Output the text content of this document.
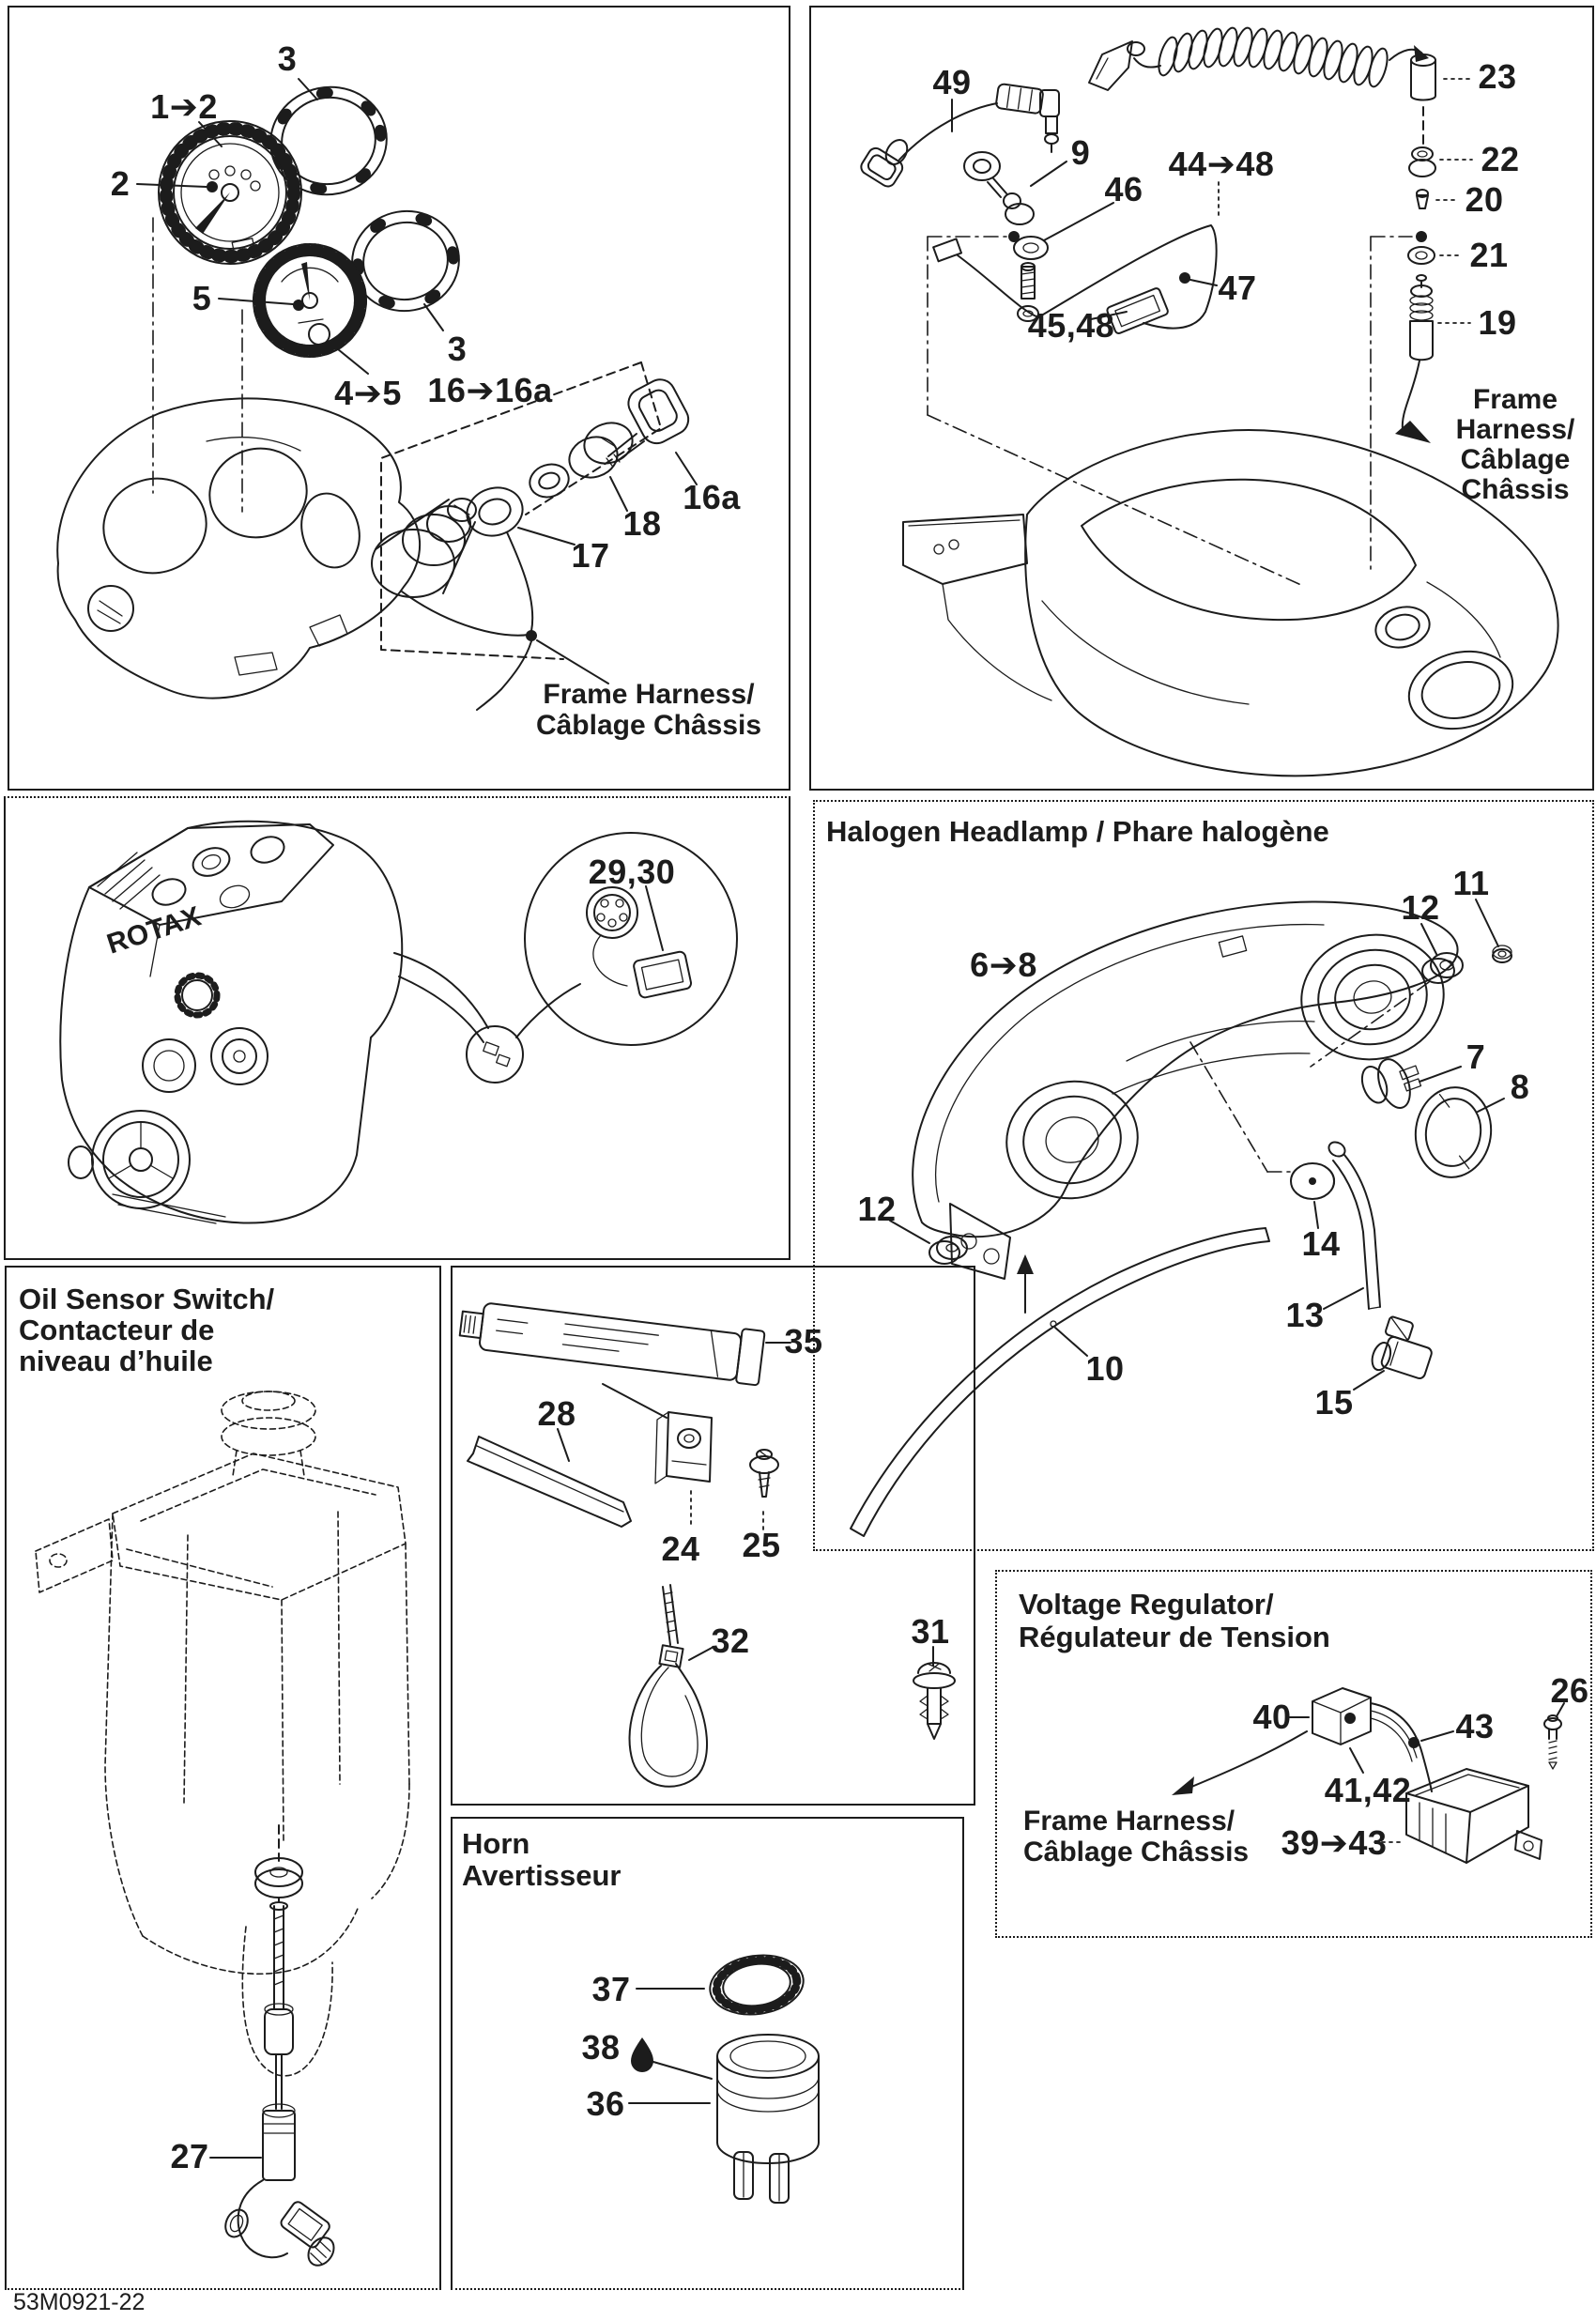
ROTAX
3
1➔2
2
5
3
4➔5 16➔16a
16a
18
17
Frame Harness/
Câblage Châssis
49
9
46
44➔48
47
45,48
23
22
20
21
19
Frame
Harness/
Câblage
Châssis
29,30
Halogen Headlamp / Phare halogène
6➔8
12
11
7
8
12
14
13
10
15
Oil Sensor Switch/
Contacteur de
niveau d’huile
27
35
28
24 25
32	31
Horn
Avertisseur
37
38
36
Voltage Regulator/
Régulateur de Tension
40	43
26
41,42
39➔43
Frame Harness/
Câblage Châssis
53M0921-22
